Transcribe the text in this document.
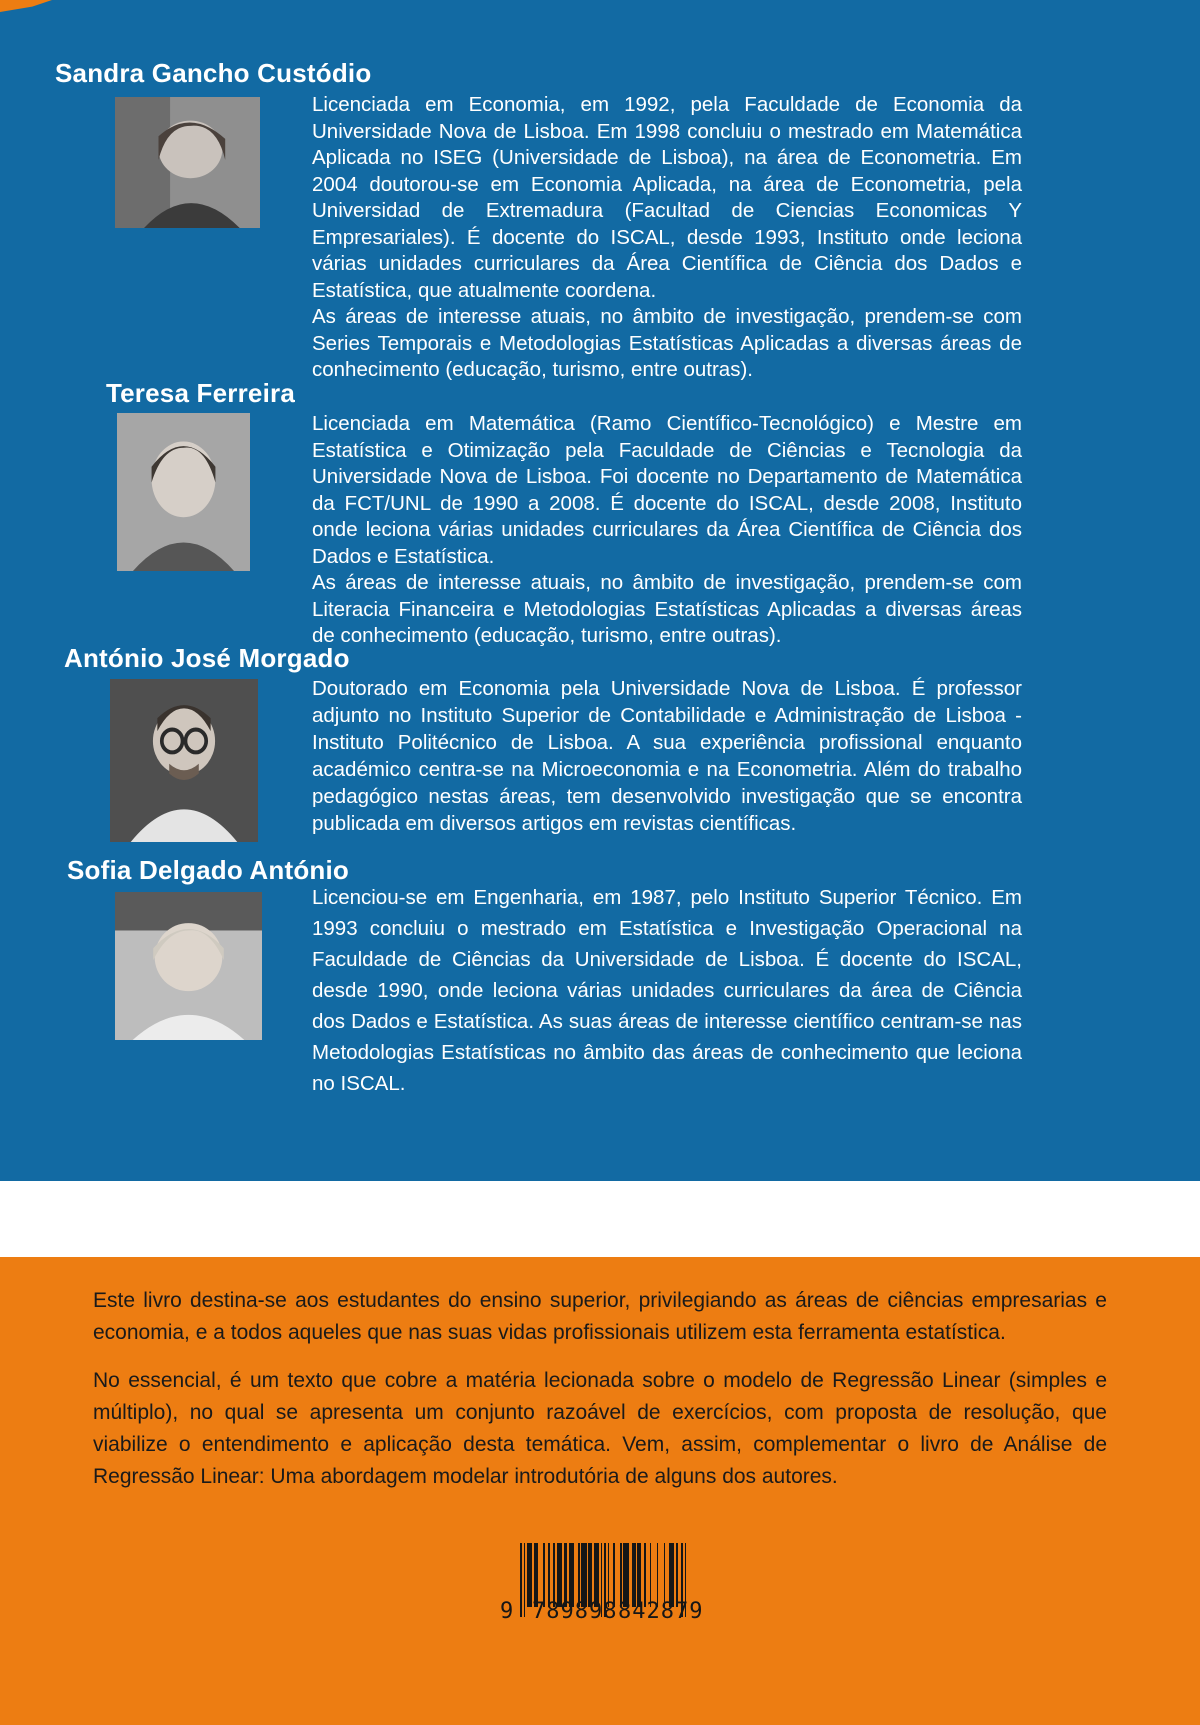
Sandra Gancho Custódio

Licenciada em Economia, em 1992, pela Faculdade de Economia da Universidade Nova de Lisboa. Em 1998 concluiu o mestrado em Matemática Aplicada no ISEG (Universidade de Lisboa), na área de Econometria. Em 2004 doutorou-se em Economia Aplicada, na área de Econometria, pela Universidad de Extremadura (Facultad de Ciencias Economicas Y Empresariales). É docente do ISCAL, desde 1993, Instituto onde leciona várias unidades curriculares da Área Científica de Ciência dos Dados e Estatística, que atualmente coordena.

As áreas de interesse atuais, no âmbito de investigação, prendem-se com Series Temporais e Metodologias Estatísticas Aplicadas a diversas áreas de conhecimento (educação, turismo, entre outras).

Teresa Ferreira

Licenciada em Matemática (Ramo Científico-Tecnológico) e Mestre em Estatística e Otimização pela Faculdade de Ciências e Tecnologia da Universidade Nova de Lisboa. Foi docente no Departamento de Matemática da FCT/UNL de 1990 a 2008. É docente do ISCAL, desde 2008, Instituto onde leciona várias unidades curriculares da Área Científica de Ciência dos Dados e Estatística.

As áreas de interesse atuais, no âmbito de investigação, prendem-se com Literacia Financeira e Metodologias Estatísticas Aplicadas a diversas áreas de conhecimento (educação, turismo, entre outras).

António José Morgado

Doutorado em Economia pela Universidade Nova de Lisboa. É professor adjunto no Instituto Superior de Contabilidade e Administração de Lisboa - Instituto Politécnico de Lisboa. A sua experiência profissional enquanto académico centra-se na Microeconomia e na Econometria. Além do trabalho pedagógico nestas áreas, tem desenvolvido investigação que se encontra publicada em diversos artigos em revistas científicas.

Sofia Delgado António

Licenciou-se em Engenharia, em 1987, pelo Instituto Superior Técnico. Em 1993 concluiu o mestrado em Estatística e Investigação Operacional na Faculdade de Ciências da Universidade de Lisboa. É docente do ISCAL, desde 1990, onde leciona várias unidades curriculares da área de Ciência dos Dados e Estatística. As suas áreas de interesse científico centram-se nas Metodologias Estatísticas no âmbito das áreas de conhecimento que leciona no ISCAL.

Este livro destina-se aos estudantes do ensino superior, privilegiando as áreas de ciências empresarias e economia, e a todos aqueles que nas suas vidas profissionais utilizem esta ferramenta estatística.

No essencial, é um texto que cobre a matéria lecionada sobre o modelo de Regressão Linear (simples e múltiplo), no qual se apresenta um conjunto razoável de exercícios, com proposta de resolução, que viabilize o entendimento e aplicação desta temática. Vem, assim, complementar o livro de Análise de Regressão Linear: Uma abordagem modelar introdutória de alguns dos autores.

9 789898 842879
